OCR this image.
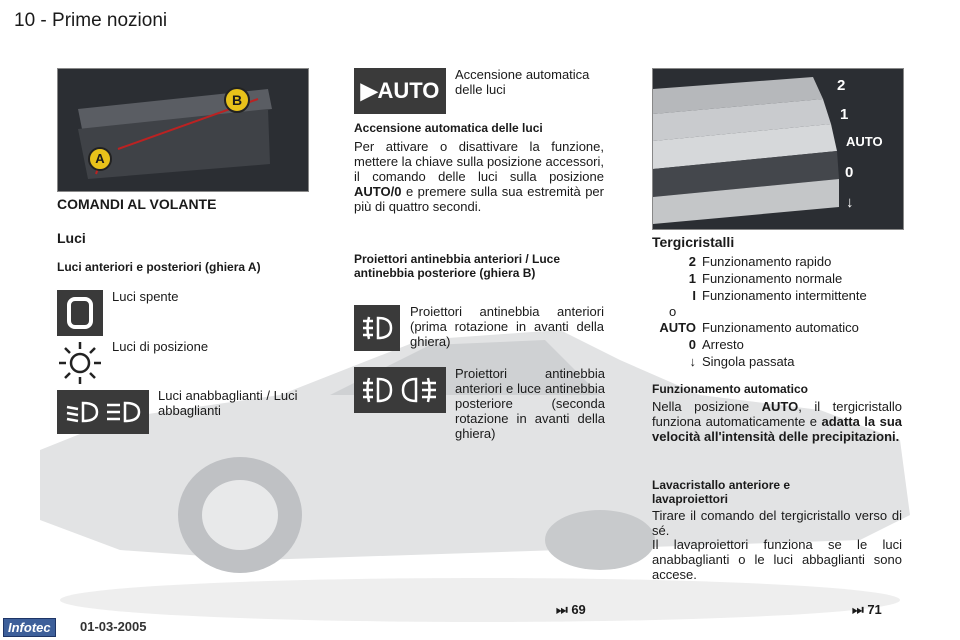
10 - Prime nozioni
B
A
COMANDI AL VOLANTE
Luci
Luci anteriori e posteriori (ghiera A)
Luci spente
Luci di posizione
Luci anabbaglianti / Luci abbaglianti
▶ AUTO
Accensione automatica delle luci
Accensione automatica delle luci
Per attivare o disattivare la funzione, mettere la chiave sulla posizione accessori, il comando delle luci sulla posizione AUTO/0 e premere sulla sua estremità per più di quattro secondi.
Proiettori antinebbia anteriori / Luce antinebbia posteriore (ghiera B)
Proiettori antinebbia anteriori (prima rotazione in avanti della ghiera)
Proiettori antinebbia anteriori e luce antinebbia posteriore (seconda rotazione in avanti della ghiera)
⏭ 69
2
1
AUTO
0
↓
Tergicristalli
2 Funzionamento rapido
1 Funzionamento normale
I Funzionamento intermittente
o
AUTO Funzionamento automatico
0 Arresto
↓ Singola passata
Funzionamento automatico
Nella posizione AUTO, il tergicristallo funziona automaticamente e adatta la sua velocità all'intensità delle precipitazioni.
Lavacristallo anteriore e lavaproiettori
Tirare il comando del tergicristallo verso di sé.
Il lavaproiettori funziona se le luci anabbaglianti o le luci abbaglianti sono accese.
⏭ 71
Infotec	01-03-2005
